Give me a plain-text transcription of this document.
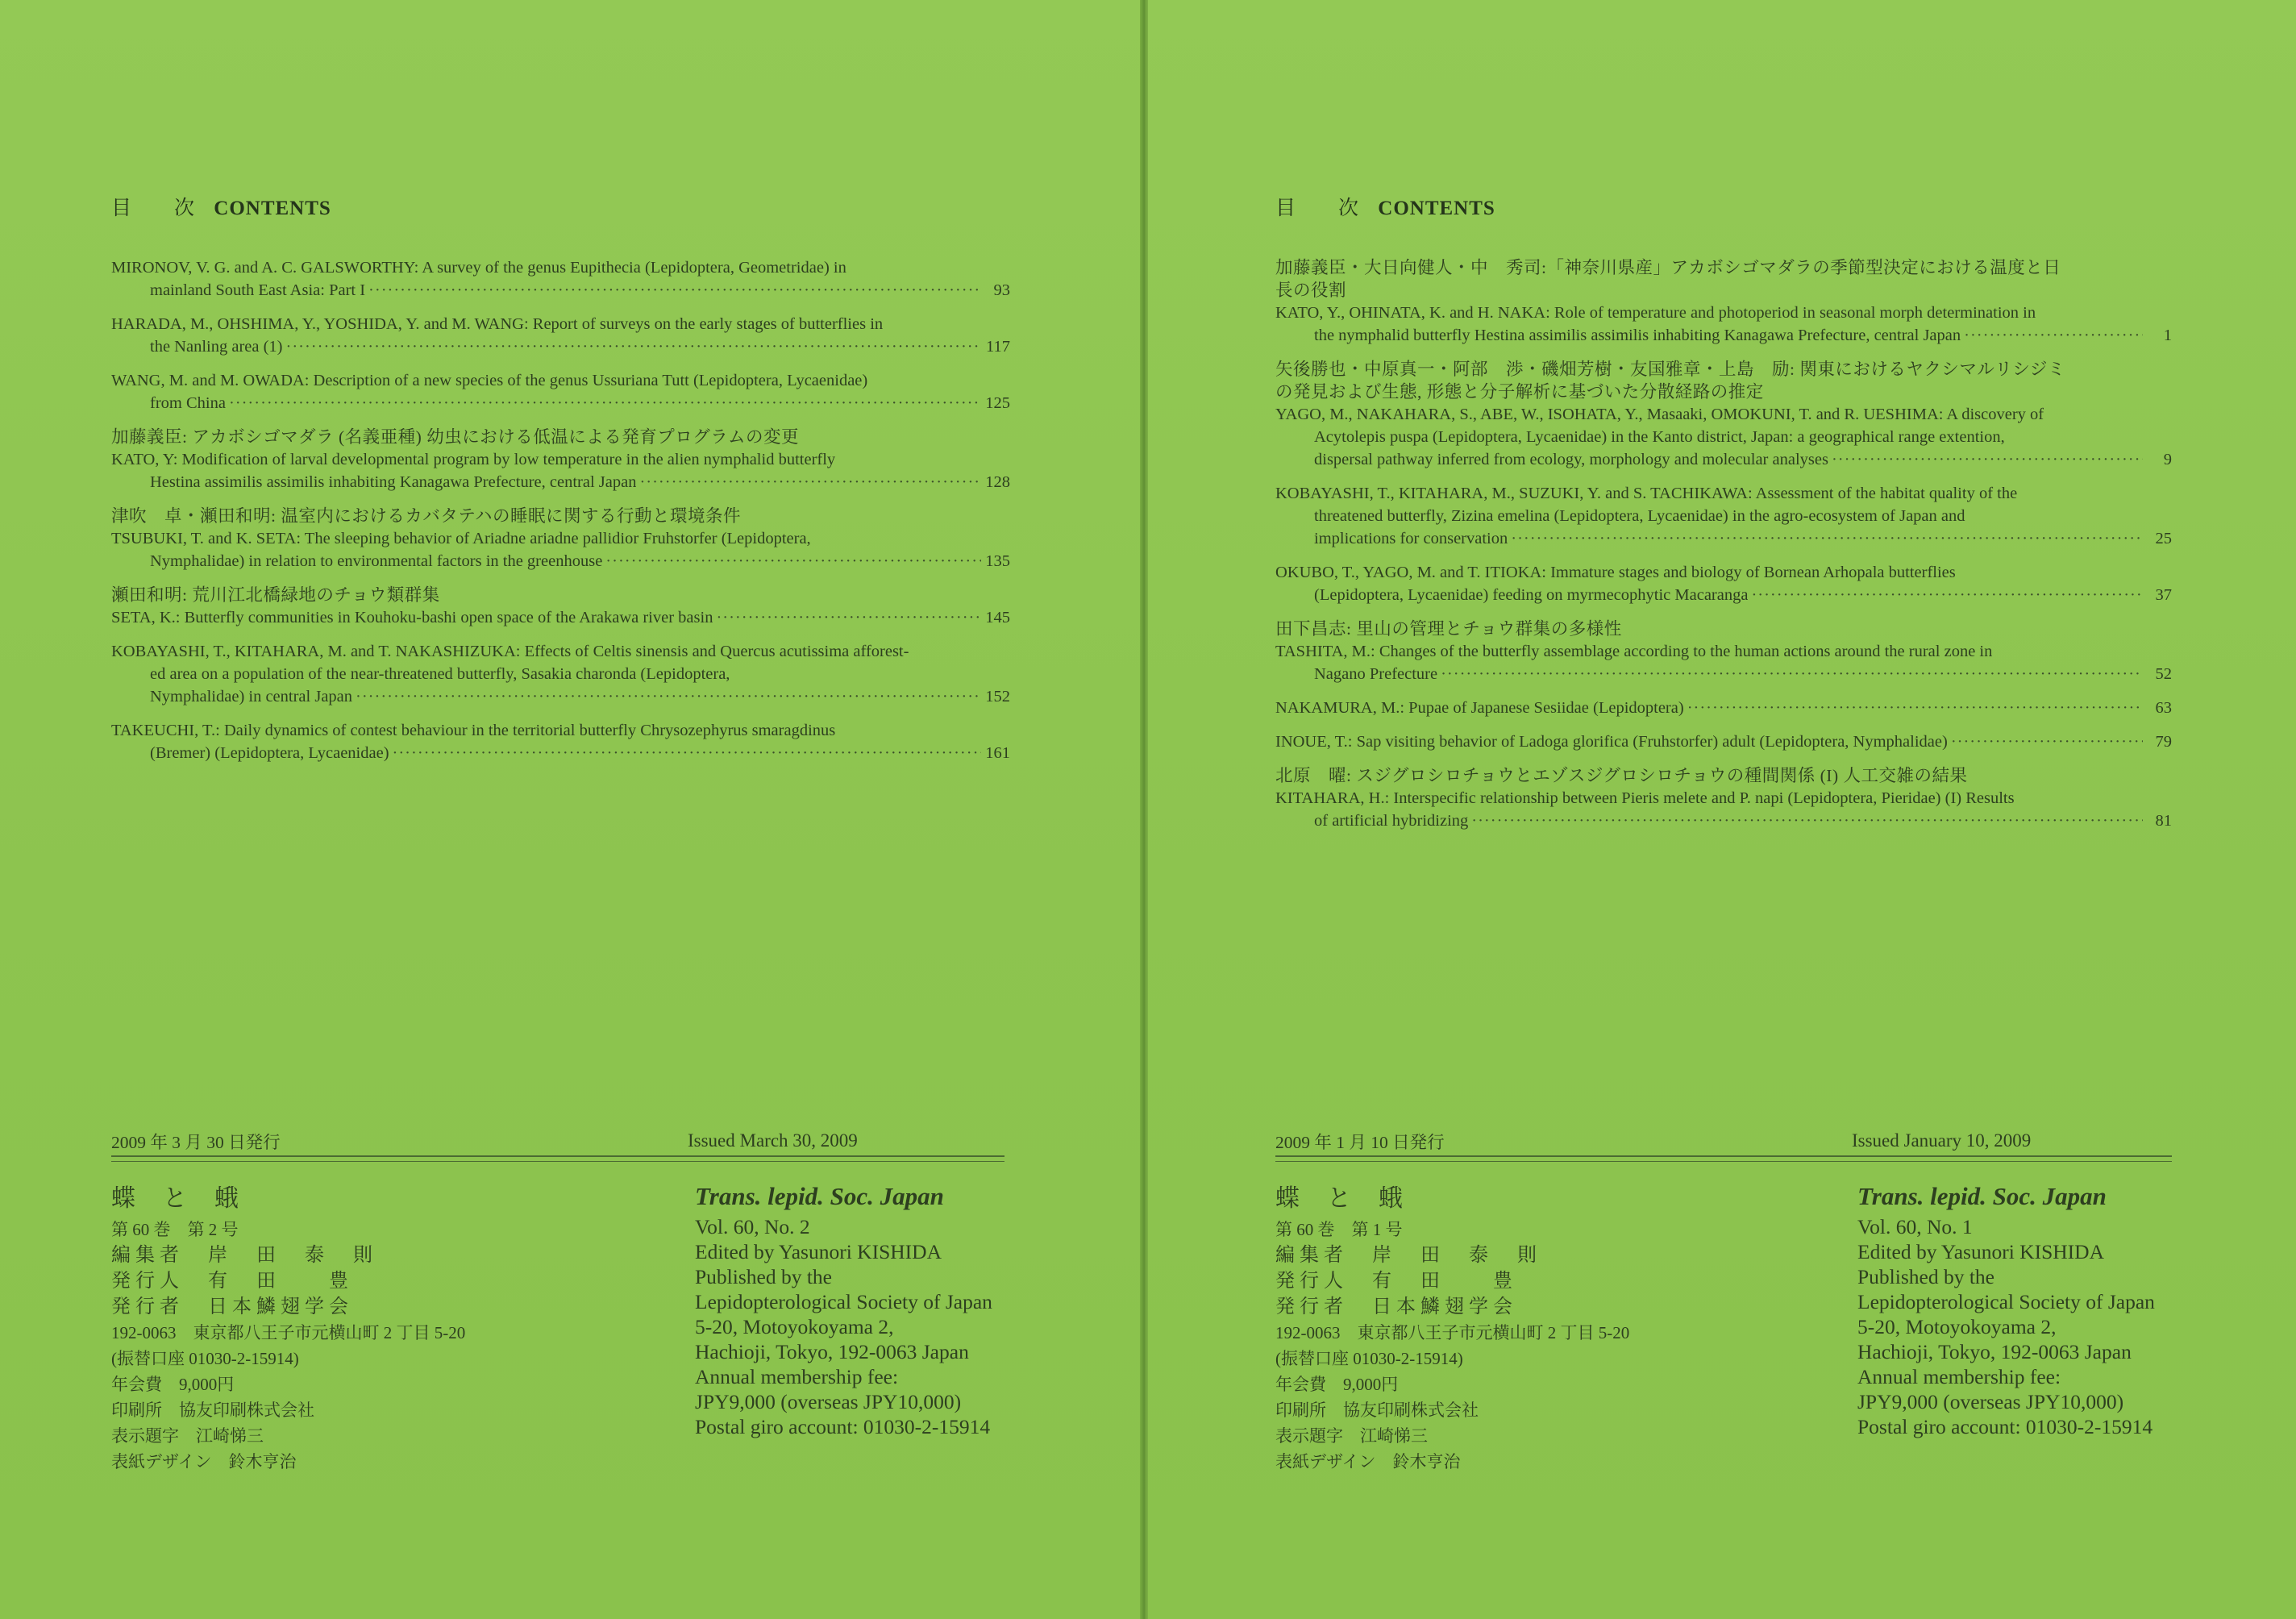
目　　次 CONTENTS
MIRONOV, V. G. and A. C. GALSWORTHY: A survey of the genus Eupithecia (Lepidoptera, Geometridae) in
mainland South East Asia: Part I ·····	93
HARADA, M., OHSHIMA, Y., YOSHIDA, Y. and M. WANG: Report of surveys on the early stages of butterflies in
the Nanling area (1) ·····	117
WANG, M. and M. OWADA: Description of a new species of the genus Ussuriana Tutt (Lepidoptera, Lycaenidae)
from China ·····	125
加藤義臣: アカボシゴマダラ (名義亜種) 幼虫における低温による発育プログラムの変更
KATO, Y: Modification of larval developmental program by low temperature in the alien nymphalid butterfly
Hestina assimilis assimilis inhabiting Kanagawa Prefecture, central Japan ·····	128
津吹　卓・瀬田和明: 温室内におけるカバタテハの睡眠に関する行動と環境条件
TSUBUKI, T. and K. SETA: The sleeping behavior of Ariadne ariadne pallidior Fruhstorfer (Lepidoptera,
Nymphalidae) in relation to environmental factors in the greenhouse ·····	135
瀬田和明: 荒川江北橋緑地のチョウ類群集
SETA, K.: Butterfly communities in Kouhoku-bashi open space of the Arakawa river basin ·····	145
KOBAYASHI, T., KITAHARA, M. and T. NAKASHIZUKA: Effects of Celtis sinensis and Quercus acutissima afforest-
ed area on a population of the near-threatened butterfly, Sasakia charonda (Lepidoptera,
Nymphalidae) in central Japan ·····	152
TAKEUCHI, T.: Daily dynamics of contest behaviour in the territorial butterfly Chrysozephyrus smaragdinus
(Bremer) (Lepidoptera, Lycaenidae) ·····	161
2009 年 3 月 30 日発行	Issued March 30, 2009
蝶と蛾
第 60 巻　第 2 号
編集者　岸　田　泰　則
発行人　有　田　　豊
発行者　日本鱗翅学会
192-0063　東京都八王子市元横山町 2 丁目 5-20
(振替口座 01030-2-15914)
年会費　9,000円
印刷所　協友印刷株式会社
表示題字　江崎悌三
表紙デザイン　鈴木亨治
Trans. lepid. Soc. Japan
Vol. 60, No. 2
Edited by Yasunori KISHIDA
Published by the
Lepidopterological Society of Japan
5-20, Motoyokoyama 2,
Hachioji, Tokyo, 192-0063 Japan
Annual membership fee:
JPY9,000 (overseas JPY10,000)
Postal giro account: 01030-2-15914
目　　次 CONTENTS
加藤義臣・大日向健人・中　秀司:「神奈川県産」アカボシゴマダラの季節型決定における温度と日
長の役割
KATO, Y., OHINATA, K. and H. NAKA: Role of temperature and photoperiod in seasonal morph determination in
the nymphalid butterfly Hestina assimilis assimilis inhabiting Kanagawa Prefecture, central Japan ·····	1
矢後勝也・中原真一・阿部　渉・磯畑芳樹・友国雅章・上島　励: 関東におけるヤクシマルリシジミ
の発見および生態, 形態と分子解析に基づいた分散経路の推定
YAGO, M., NAKAHARA, S., ABE, W., ISOHATA, Y., Masaaki, OMOKUNI, T. and R. UESHIMA: A discovery of
Acytolepis puspa (Lepidoptera, Lycaenidae) in the Kanto district, Japan: a geographical range extention,
dispersal pathway inferred from ecology, morphology and molecular analyses ·····	9
KOBAYASHI, T., KITAHARA, M., SUZUKI, Y. and S. TACHIKAWA: Assessment of the habitat quality of the
threatened butterfly, Zizina emelina (Lepidoptera, Lycaenidae) in the agro-ecosystem of Japan and
implications for conservation ·····	25
OKUBO, T., YAGO, M. and T. ITIOKA: Immature stages and biology of Bornean Arhopala butterflies
(Lepidoptera, Lycaenidae) feeding on myrmecophytic Macaranga ·····	37
田下昌志: 里山の管理とチョウ群集の多様性
TASHITA, M.: Changes of the butterfly assemblage according to the human actions around the rural zone in
Nagano Prefecture ·····	52
NAKAMURA, M.: Pupae of Japanese Sesiidae (Lepidoptera) ·····	63
INOUE, T.: Sap visiting behavior of Ladoga glorifica (Fruhstorfer) adult (Lepidoptera, Nymphalidae) ·····	79
北原　曜: スジグロシロチョウとエゾスジグロシロチョウの種間関係 (I) 人工交雑の結果
KITAHARA, H.: Interspecific relationship between Pieris melete and P. napi (Lepidoptera, Pieridae) (I) Results
of artificial hybridizing ·····	81
2009 年 1 月 10 日発行	Issued January 10, 2009
蝶と蛾
第 60 巻　第 1 号
編集者　岸　田　泰　則
発行人　有　田　　豊
発行者　日本鱗翅学会
192-0063　東京都八王子市元横山町 2 丁目 5-20
(振替口座 01030-2-15914)
年会費　9,000円
印刷所　協友印刷株式会社
表示題字　江崎悌三
表紙デザイン　鈴木亨治
Trans. lepid. Soc. Japan
Vol. 60, No. 1
Edited by Yasunori KISHIDA
Published by the
Lepidopterological Society of Japan
5-20, Motoyokoyama 2,
Hachioji, Tokyo, 192-0063 Japan
Annual membership fee:
JPY9,000 (overseas JPY10,000)
Postal giro account: 01030-2-15914
